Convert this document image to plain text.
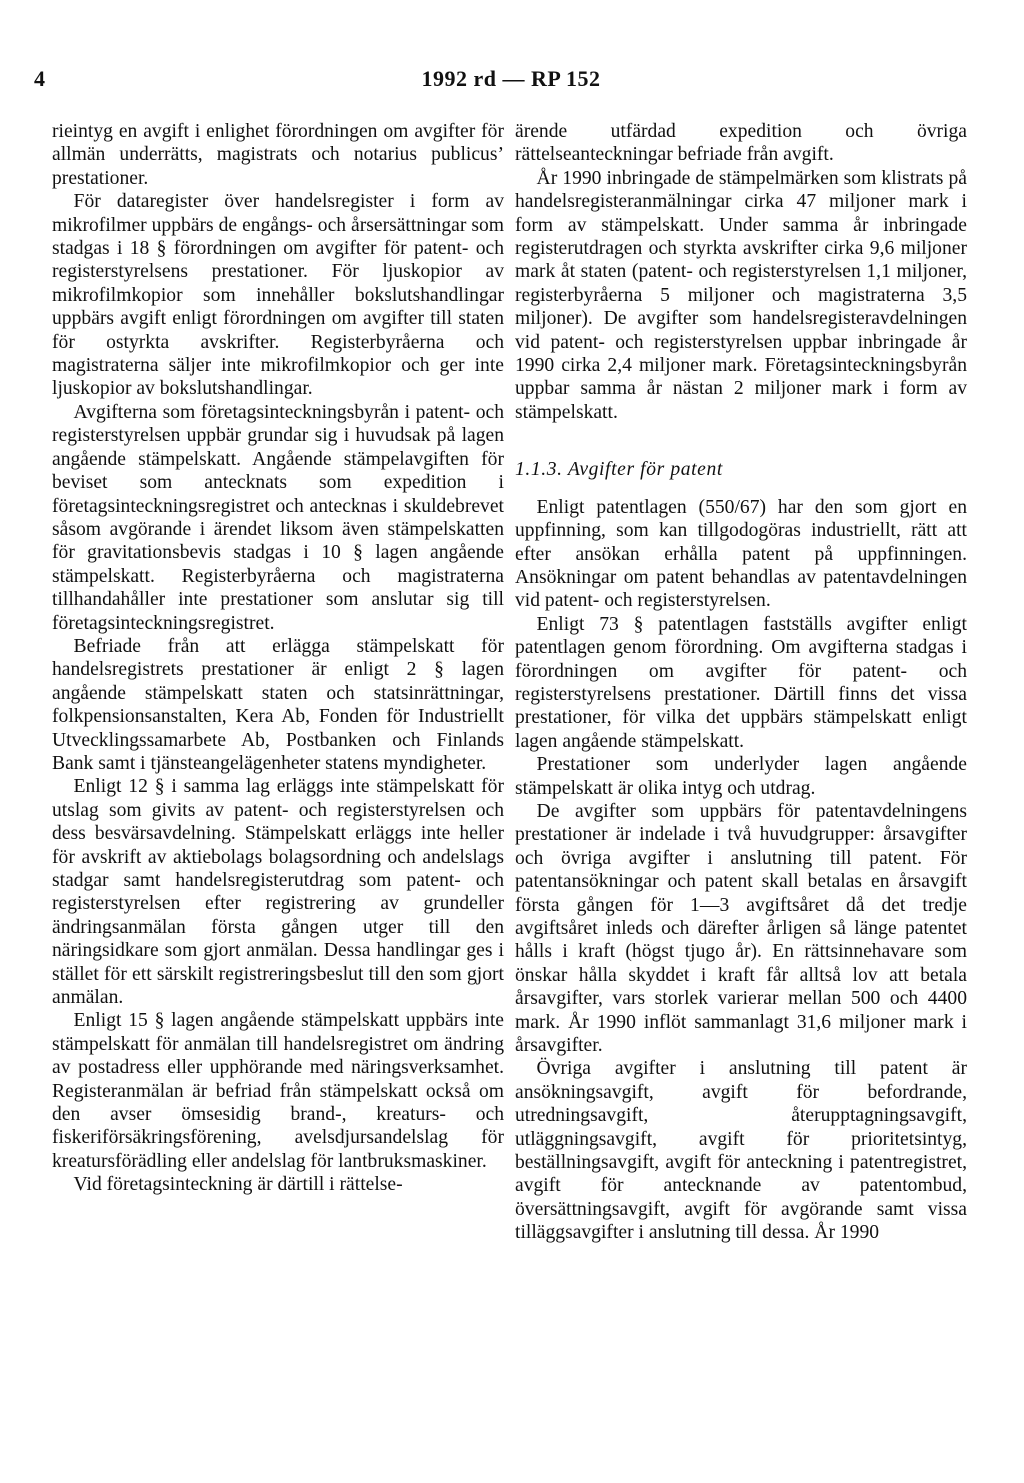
4	1992 rd — RP 152

rieintyg en avgift i enlighet förordningen om avgifter för allmän underrätts, magistrats och notarius publicus’ prestationer.

För dataregister över handelsregister i form av mikrofilmer uppbärs de engångs- och årsersättningar som stadgas i 18 § förordningen om avgifter för patent- och registerstyrelsens prestationer. För ljuskopior av mikrofilmkopior som innehåller bokslutshandlingar uppbärs avgift enligt förordningen om avgifter till staten för ostyrkta avskrifter. Registerbyråerna och magistraterna säljer inte mikrofilmkopior och ger inte ljuskopior av bokslutshandlingar.

Avgifterna som företagsinteckningsbyrån i patent- och registerstyrelsen uppbär grundar sig i huvudsak på lagen angående stämpelskatt. Angående stämpelavgiften för beviset som antecknats som expedition i företagsinteckningsregistret och antecknas i skuldebrevet såsom avgörande i ärendet liksom även stämpelskatten för gravitationsbevis stadgas i 10 § lagen angående stämpelskatt. Registerbyråerna och magistraterna tillhandahåller inte prestationer som anslutar sig till företagsinteckningsregistret.

Befriade från att erlägga stämpelskatt för handelsregistrets prestationer är enligt 2 § lagen angående stämpelskatt staten och statsinrättningar, folkpensionsanstalten, Kera Ab, Fonden för Industriellt Utvecklingssamarbete Ab, Postbanken och Finlands Bank samt i tjänsteangelägenheter statens myndigheter.

Enligt 12 § i samma lag erläggs inte stämpelskatt för utslag som givits av patent- och registerstyrelsen och dess besvärsavdelning. Stämpelskatt erläggs inte heller för avskrift av aktiebolags bolagsordning och andelslags stadgar samt handelsregisterutdrag som patent- och registerstyrelsen efter registrering av grundeller ändringsanmälan första gången utger till den näringsidkare som gjort anmälan. Dessa handlingar ges i stället för ett särskilt registreringsbeslut till den som gjort anmälan.

Enligt 15 § lagen angående stämpelskatt uppbärs inte stämpelskatt för anmälan till handelsregistret om ändring av postadress eller upphörande med näringsverksamhet. Registeranmälan är befriad från stämpelskatt också om den avser ömsesidig brand-, kreaturs- och fiskeriförsäkringsförening, avelsdjursandelslag för kreatursförädling eller andelslag för lantbruksmaskiner.

Vid företagsinteckning är därtill i rättelse-

ärende utfärdad expedition och övriga rättelseanteckningar befriade från avgift.

År 1990 inbringade de stämpelmärken som klistrats på handelsregisteranmälningar cirka 47 miljoner mark i form av stämpelskatt. Under samma år inbringade registerutdragen och styrkta avskrifter cirka 9,6 miljoner mark åt staten (patent- och registerstyrelsen 1,1 miljoner, registerbyråerna 5 miljoner och magistraterna 3,5 miljoner). De avgifter som handelsregisteravdelningen vid patent- och registerstyrelsen uppbar inbringade år 1990 cirka 2,4 miljoner mark. Företagsinteckningsbyrån uppbar samma år nästan 2 miljoner mark i form av stämpelskatt.

1.1.3. Avgifter för patent

Enligt patentlagen (550/67) har den som gjort en uppfinning, som kan tillgodogöras industriellt, rätt att efter ansökan erhålla patent på uppfinningen. Ansökningar om patent behandlas av patentavdelningen vid patent- och registerstyrelsen.

Enligt 73 § patentlagen fastställs avgifter enligt patentlagen genom förordning. Om avgifterna stadgas i förordningen om avgifter för patent- och registerstyrelsens prestationer. Därtill finns det vissa prestationer, för vilka det uppbärs stämpelskatt enligt lagen angående stämpelskatt.

Prestationer som underlyder lagen angående stämpelskatt är olika intyg och utdrag.

De avgifter som uppbärs för patentavdelningens prestationer är indelade i två huvudgrupper: årsavgifter och övriga avgifter i anslutning till patent. För patentansökningar och patent skall betalas en årsavgift första gången för 1—3 avgiftsåret då det tredje avgiftsåret inleds och därefter årligen så länge patentet hålls i kraft (högst tjugo år). En rättsinnehavare som önskar hålla skyddet i kraft får alltså lov att betala årsavgifter, vars storlek varierar mellan 500 och 4400 mark. År 1990 inflöt sammanlagt 31,6 miljoner mark i årsavgifter.

Övriga avgifter i anslutning till patent är ansökningsavgift, avgift för befordrande, utredningsavgift, återupptagningsavgift, utläggningsavgift, avgift för prioritetsintyg, beställningsavgift, avgift för anteckning i patentregistret, avgift för antecknande av patentombud, översättningsavgift, avgift för avgörande samt vissa tilläggsavgifter i anslutning till dessa. År 1990
